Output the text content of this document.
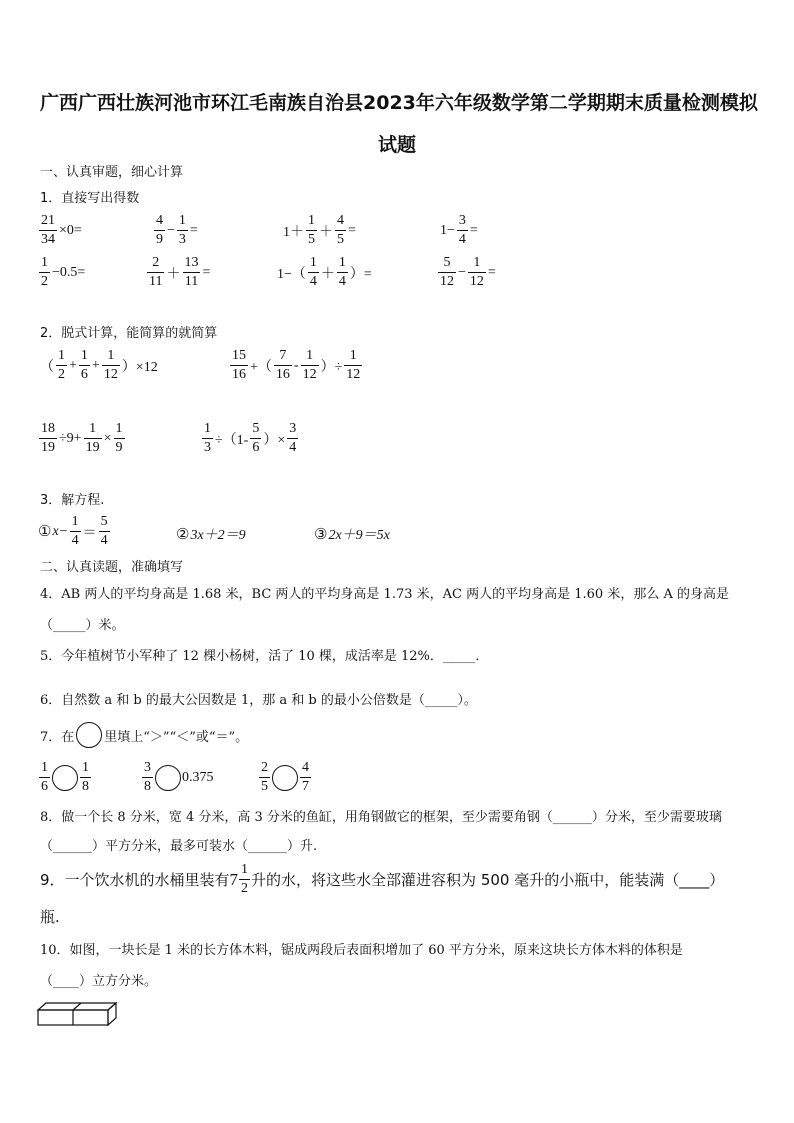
广西广西壮族河池市环江毛南族自治县2023年六年级数学第二学期期末质量检测模拟
试题
一、认真审题，细心计算
1．直接写出得数
$\frac{21}{34} \times 0=$	$\frac{4}{9} - \frac{1}{3}$ =	$1+ \frac{1}{5} + \frac{4}{5}$ =	$1- \frac{3}{4}$ =
$\frac{1}{2} -0.5=$	$\frac{2}{11} + \frac{13}{11}$ =	$1-( \frac{1}{4} + \frac{1}{4}$ ）=	$\frac{5}{12} - \frac{1}{12}$ =
2．脱式计算，能简算的就简算
（ $\frac{1}{2} + \frac{1}{6} + \frac{1}{12} )\times 12$	$\frac{15}{16}$ +（ $\frac{7}{16} - \frac{1}{12}$ ）÷ $\frac{1}{12}$
$\frac{18}{19} \div 9+ \frac{1}{19} \times \frac{1}{9}$	$\frac{1}{3} \div(1- \frac{5}{6}$ ）× $\frac{3}{4}$
3．解方程.
① $x - \frac{1}{4} = \frac{5}{4}$	② 3x＋2＝9	③ 2x＋9＝5x
二、认真读题，准确填写
4．AB 两人的平均身高是 1.68 米，BC 两人的平均身高是 1.73 米，AC 两人的平均身高是 1.60 米，那么 A 的身高是
（_____）米。
5．今年植树节小军种了 12 棵小杨树，活了 10 棵，成活率是 12%．_____．
6．自然数 a 和 b 的最大公因数是 1，那 a 和 b 的最小公倍数是（_____）。
7．在 里填上“＞”“＜”或“＝”。
$\frac{1}{6} \frac{1}{8}$	$\frac{3}{8} 0.375$	$\frac{2}{5} \frac{4}{7}$
8．做一个长 8 分米，宽 4 分米，高 3 分米的鱼缸，用角钢做它的框架，至少需要角钢（______）分米，至少需要玻璃
（______）平方分米，最多可装水（______）升.
9．一个饮水机的水桶里装有 $7 \frac{1}{2}$ 升的水，将这些水全部灌进容积为 500 毫升的小瓶中，能装满（____）
瓶.
10．如图，一块长是 1 米的长方体木料，锯成两段后表面积增加了 60 平方分米，原来这块长方体木料的体积是
（____）立方分米。
